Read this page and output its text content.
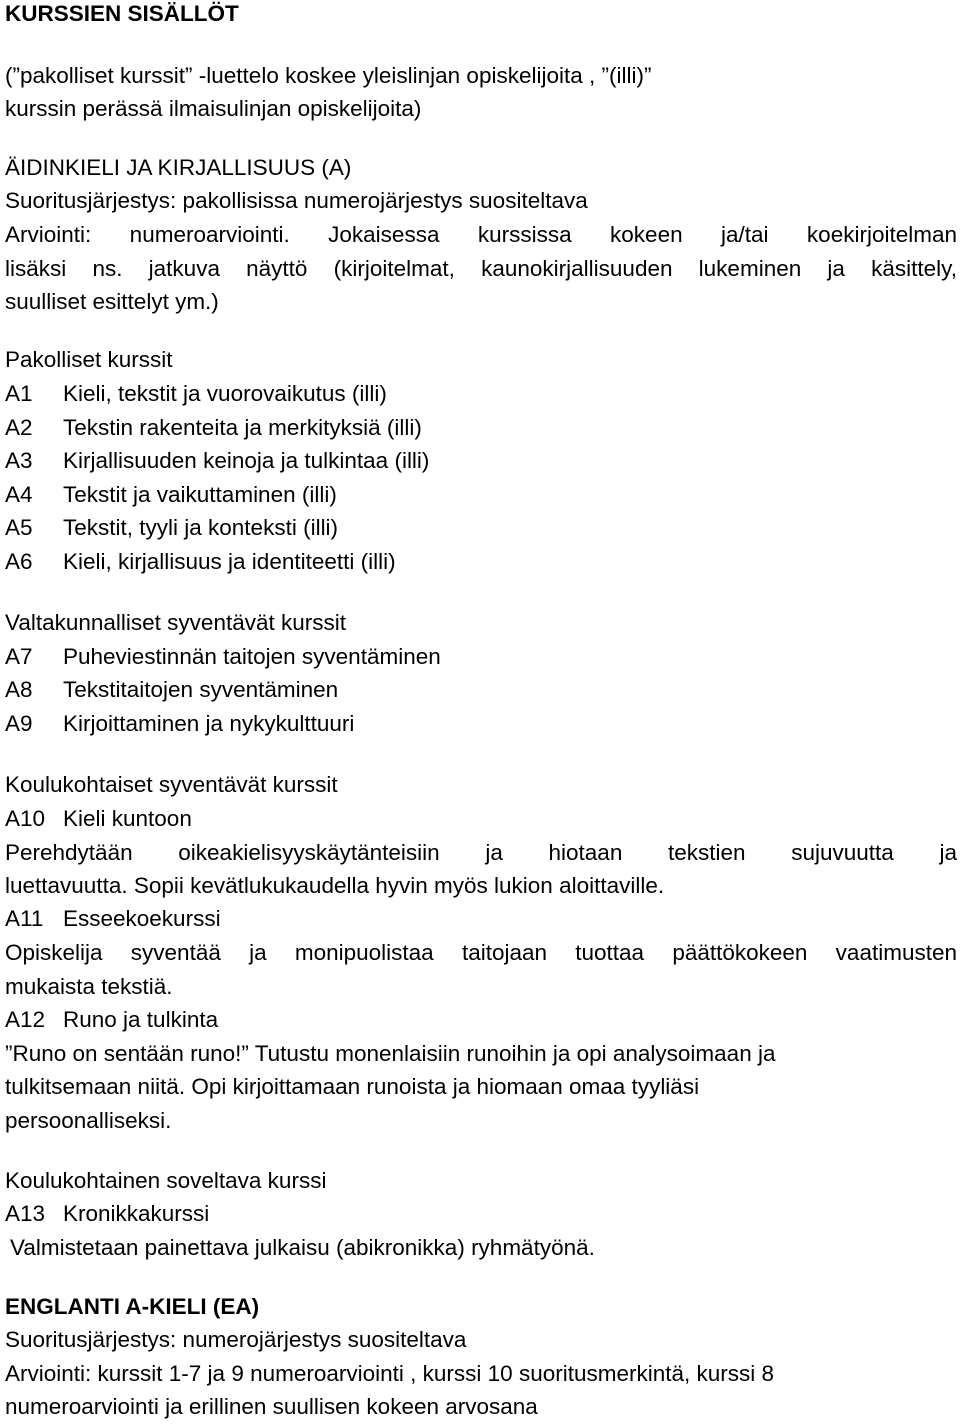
KURSSIEN SISÄLLÖT
(”pakolliset kurssit” -luettelo koskee yleislinjan opiskelijoita , ”(illi)”
kurssin perässä ilmaisulinjan opiskelijoita)
ÄIDINKIELI JA KIRJALLISUUS (A)
Suoritusjärjestys: pakollisissa numerojärjestys suositeltava
Arviointi: numeroarviointi. Jokaisessa kurssissa kokeen ja/tai koekirjoitelman
lisäksi ns. jatkuva näyttö (kirjoitelmat, kaunokirjallisuuden lukeminen ja käsittely,
suulliset esittelyt ym.)
Pakolliset kurssit
A1 Kieli, tekstit ja vuorovaikutus (illi)
A2 Tekstin rakenteita ja merkityksiä (illi)
A3 Kirjallisuuden keinoja ja tulkintaa (illi)
A4 Tekstit ja vaikuttaminen (illi)
A5 Tekstit, tyyli ja konteksti (illi)
A6 Kieli, kirjallisuus ja identiteetti (illi)
Valtakunnalliset syventävät kurssit
A7 Puheviestinnän taitojen syventäminen
A8 Tekstitaitojen syventäminen
A9 Kirjoittaminen ja nykykulttuuri
Koulukohtaiset syventävät kurssit
A10 Kieli kuntoon
Perehdytään oikeakielisyyskäytänteisiin ja hiotaan tekstien sujuvuutta ja
luettavuutta. Sopii kevätlukukaudella hyvin myös lukion aloittaville.
A11 Esseekoekurssi
Opiskelija syventää ja monipuolistaa taitojaan tuottaa päättökokeen vaatimusten
mukaista tekstiä.
A12 Runo ja tulkinta
”Runo on sentään runo!” Tutustu monenlaisiin runoihin ja opi analysoimaan ja
tulkitsemaan niitä. Opi kirjoittamaan runoista ja hiomaan omaa tyyliäsi
persoonalliseksi.
Koulukohtainen soveltava kurssi
A13 Kronikkakurssi
Valmistetaan painettava julkaisu (abikronikka) ryhmätyönä.
ENGLANTI A-KIELI (EA)
Suoritusjärjestys: numerojärjestys suositeltava
Arviointi: kurssit 1-7 ja 9 numeroarviointi , kurssi 10 suoritusmerkintä, kurssi 8
numeroarviointi ja erillinen suullisen kokeen arvosana
